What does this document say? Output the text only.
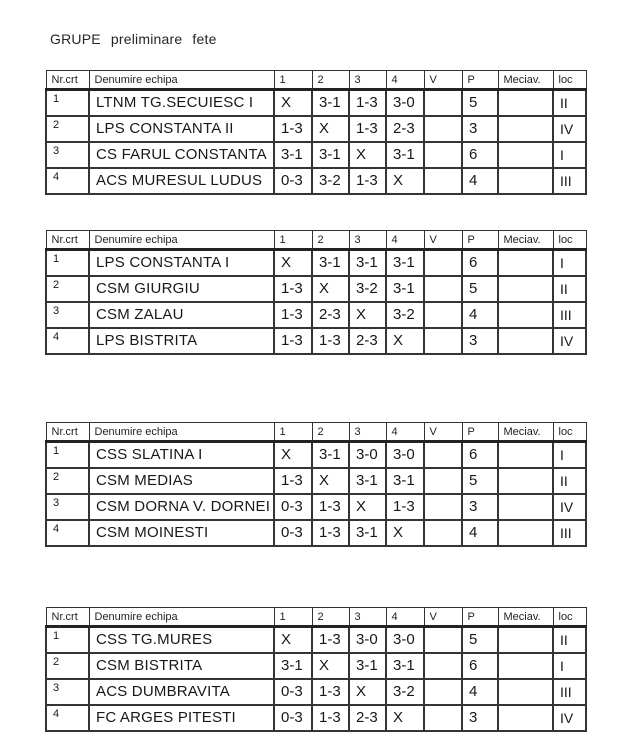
GRUPE preliminare fete
Nr.crt	Denumire echipa	1	2	3	4	V	P	Meciav.	loc
1	LTNM TG.SECUIESC I	X	3-1	1-3	3-0		5		II
2	LPS CONSTANTA II	1-3	X	1-3	2-3		3		IV
3	CS FARUL CONSTANTA	3-1	3-1	X	3-1		6		I
4	ACS MURESUL LUDUS	0-3	3-2	1-3	X		4		III
Nr.crt	Denumire echipa	1	2	3	4	V	P	Meciav.	loc
1	LPS CONSTANTA I	X	3-1	3-1	3-1		6		I
2	CSM GIURGIU	1-3	X	3-2	3-1		5		II
3	CSM ZALAU	1-3	2-3	X	3-2		4		III
4	LPS BISTRITA	1-3	1-3	2-3	X		3		IV
Nr.crt	Denumire echipa	1	2	3	4	V	P	Meciav.	loc
1	CSS SLATINA I	X	3-1	3-0	3-0		6		I
2	CSM MEDIAS	1-3	X	3-1	3-1		5		II
3	CSM DORNA V. DORNEI	0-3	1-3	X	1-3		3		IV
4	CSM MOINESTI	0-3	1-3	3-1	X		4		III
Nr.crt	Denumire echipa	1	2	3	4	V	P	Meciav.	loc
1	CSS TG.MURES	X	1-3	3-0	3-0		5		II
2	CSM BISTRITA	3-1	X	3-1	3-1		6		I
3	ACS DUMBRAVITA	0-3	1-3	X	3-2		4		III
4	FC ARGES PITESTI	0-3	1-3	2-3	X		3		IV
